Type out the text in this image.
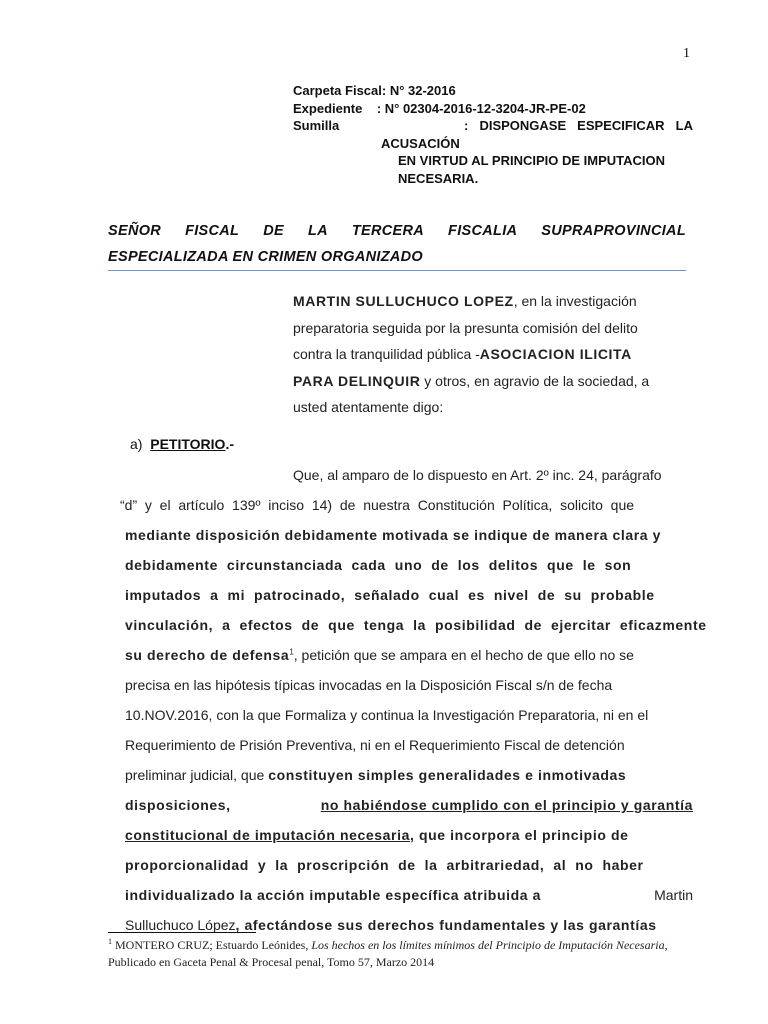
1
Carpeta Fiscal: N° 32-2016
Expediente : N° 02304-2016-12-3204-JR-PE-02
Sumilla	: DISPONGASE ESPECIFICAR LA
ACUSACIÓN
EN VIRTUD AL PRINCIPIO DE IMPUTACION
NECESARIA.
SEÑOR FISCAL DE LA TERCERA FISCALIA SUPRAPROVINCIAL
ESPECIALIZADA EN CRIMEN ORGANIZADO
MARTIN SULLUCHUCO LOPEZ, en la investigación
preparatoria seguida por la presunta comisión del delito
contra la tranquilidad pública -ASOCIACION ILICITA
PARA DELINQUIR y otros, en agravio de la sociedad, a
usted atentamente digo:
a) PETITORIO.-
Que, al amparo de lo dispuesto en Art. 2º inc. 24, parágrafo
“d”  y  el  artículo  139º  inciso  14)  de  nuestra  Constitución  Política,  solicito  que
mediante disposición debidamente motivada se indique de manera clara y
debidamente  circunstanciada  cada  uno  de  los  delitos  que  le  son
imputados  a  mi  patrocinado,  señalado  cual  es  nivel  de  su  probable
vinculación,  a  efectos  de  que  tenga  la  posibilidad  de  ejercitar  eficazmente
su derecho de defensa$^1$, petición que se ampara en el hecho de que ello no se
precisa en las hipótesis típicas invocadas en la Disposición Fiscal s/n de fecha
10.NOV.2016, con la que Formaliza y continua la Investigación Preparatoria, ni en el
Requerimiento de Prisión Preventiva, ni en el Requerimiento Fiscal de detención
preliminar judicial, que constituyen simples generalidades e inmotivadas
disposiciones,	no habiéndose cumplido con el principio y garantía
constitucional de imputación necesaria, que incorpora el principio de
proporcionalidad  y  la  proscripción  de  la  arbitrariedad,  al  no  haber
individualizado la acción imputable específica atribuida a	Martin
Sulluchuco López, afectándose sus derechos fundamentales y las garantías
$^1$ MONTERO CRUZ; Estuardo Leónides, Los hechos en los límites mínimos del Principio de Imputación Necesaria,
Publicado en Gaceta Penal & Procesal penal, Tomo 57, Marzo 2014
